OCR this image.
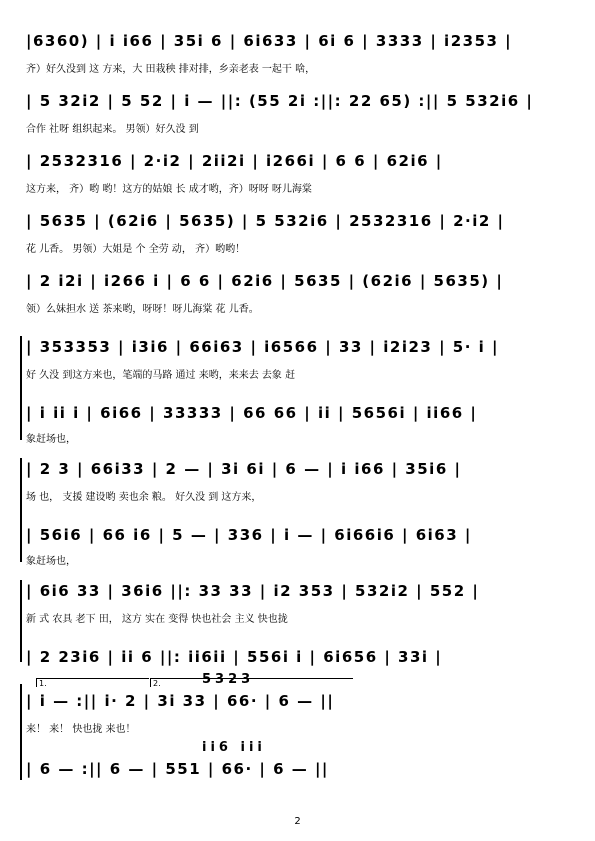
|6360) | i i66 | 35i 6 | 6i633 | 6i 6 | 3333 | i2353 |
齐）好久没到 这 方来，大 田栽秧 排对排，乡亲老表 一起干 啥，
| 5 32i2 | 5 52 | i — ||: (55 2i :||: 22 65) :|| 5 532i6 |
合作 社呀 组织起来。 男领）好久没 到
| 2532316 | 2·i2 | 2ii2i | i266i | 6 6 | 62i6 |
这方来， 齐）哟 哟！这方的姑娘 长 成才哟，齐）呀呀 呀儿海棠
| 5635 | (62i6 | 5635) | 5 532i6 | 2532316 | 2·i2 |
花 儿香。 男领）大姐是 个 全劳 动， 齐）哟哟！
| 2 i2i | i266 i | 6 6 | 62i6 | 5635 | (62i6 | 5635) |
领）么妹担水 送 茶来哟，呀呀！呀儿海棠 花 儿香。
| 353353 | i3i6 | 66i63 | i6566 | 33 | i2i23 | 5· i |
好 久没 到这方来也，笔端的马路 通过 来哟，来来去 去象 赶
| i ii i | 6i66 | 33333 | 66 66 | ii | 5656i | ii66 |
象赶场也，
| 2 3 | 66i33 | 2 — | 3i 6i | 6 — | i i66 | 35i6 |
场 也， 支援 建设哟 卖也余 粮。 好久没 到 这方来，
| 56i6 | 66 i6 | 5 — | 336 | i — | 6i66i6 | 6i63 |
象赶场也，
| 6i6 33 | 36i6 ||: 33 33 | i2 353 | 532i2 | 552 |
新 式 农具 老下 田， 这方 实在 变得 快也社会 主义 快也拢
| 2 23i6 | ii 6 ||: ii6ii | 556i i | 6i656 | 33i |
1.	2.	5323
| i — :|| i· 2 | 3i 33 | 66· | 6 — ||
来！ 来！ 快也拢 来也！
ii6 iii
| 6 — :|| 6 — | 551 | 66· | 6 — ||
2
